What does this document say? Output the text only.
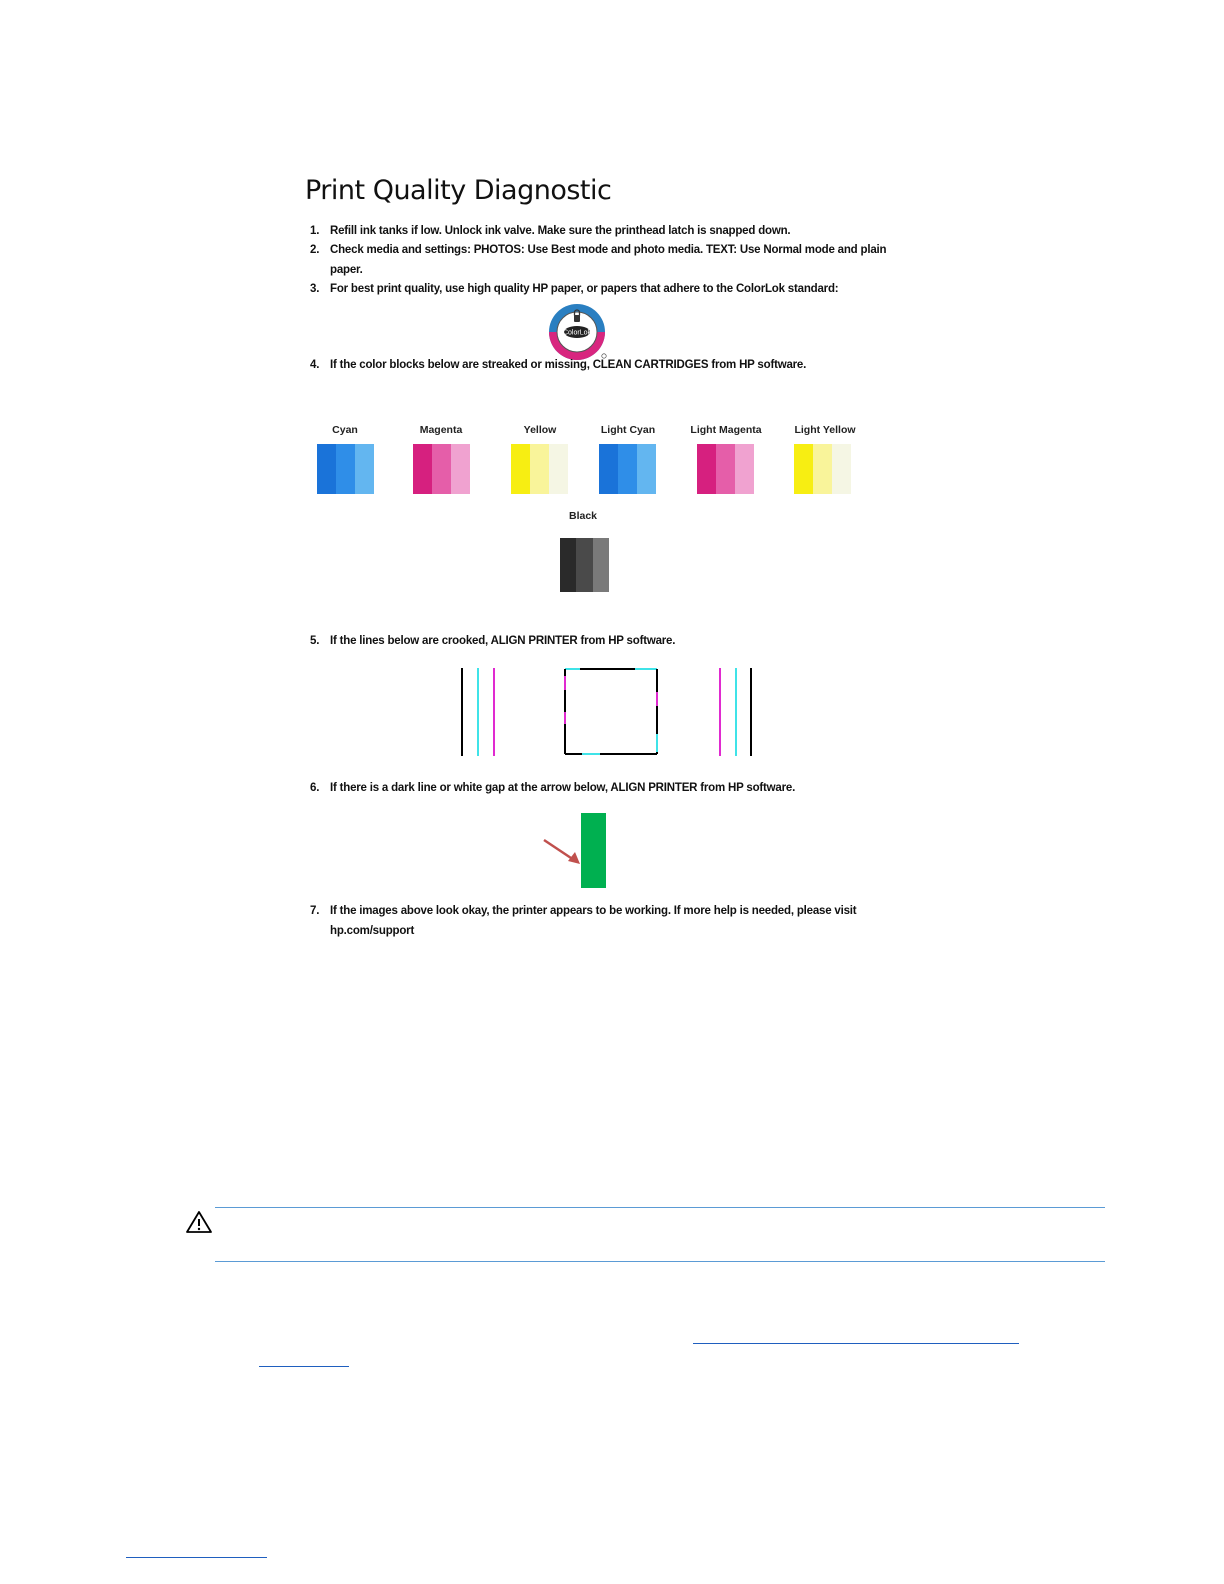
Print Quality Diagnostic
1. Refill ink tanks if low. Unlock ink valve. Make sure the printhead latch is snapped down.
2. Check media and settings: PHOTOS: Use Best mode and photo media. TEXT: Use Normal mode and plain
paper.
3. For best print quality, use high quality HP paper, or papers that adhere to the ColorLok standard:
ColorLok
4. If the color blocks below are streaked or missing, CLEAN CARTRIDGES from HP software.
Cyan	Magenta	Yellow	Light Cyan	Light Magenta	Light Yellow
Black
5. If the lines below are crooked, ALIGN PRINTER from HP software.
6. If there is a dark line or white gap at the arrow below, ALIGN PRINTER from HP software.
7. If the images above look okay, the printer appears to be working. If more help is needed, please visit
hp.com/support
